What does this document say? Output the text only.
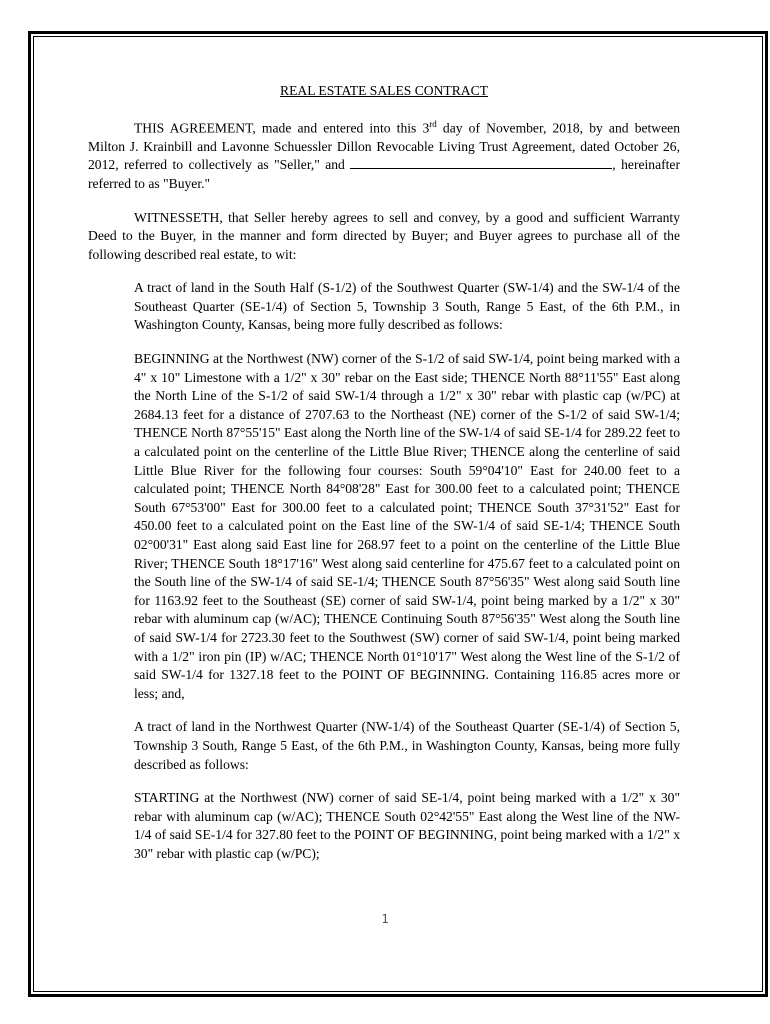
REAL ESTATE SALES CONTRACT

THIS AGREEMENT, made and entered into this 3rd day of November, 2018, by and between Milton J. Krainbill and Lavonne Schuessler Dillon Revocable Living Trust Agreement, dated October 26, 2012, referred to collectively as "Seller," and	, hereinafter referred to as "Buyer."

WITNESSETH, that Seller hereby agrees to sell and convey, by a good and sufficient Warranty Deed to the Buyer, in the manner and form directed by Buyer; and Buyer agrees to purchase all of the following described real estate, to wit:

A tract of land in the South Half (S-1/2) of the Southwest Quarter (SW-1/4) and the SW-1/4 of the Southeast Quarter (SE-1/4) of Section 5, Township 3 South, Range 5 East, of the 6th P.M., in Washington County, Kansas, being more fully described as follows:

BEGINNING at the Northwest (NW) corner of the S-1/2 of said SW-1/4, point being marked with a 4" x 10" Limestone with a 1/2" x 30" rebar on the East side; THENCE North 88°11'55" East along the North Line of the S-1/2 of said SW-1/4 through a 1/2" x 30" rebar with plastic cap (w/PC) at 2684.13 feet for a distance of 2707.63 to the Northeast (NE) corner of the S-1/2 of said SW-1/4; THENCE North 87°55'15" East along the North line of the SW-1/4 of said SE-1/4 for 289.22 feet to a calculated point on the centerline of the Little Blue River; THENCE along the centerline of said Little Blue River for the following four courses: South 59°04'10" East for 240.00 feet to a calculated point; THENCE North 84°08'28" East for 300.00 feet to a calculated point; THENCE South 67°53'00" East for 300.00 feet to a calculated point; THENCE South 37°31'52" East for 450.00 feet to a calculated point on the East line of the SW-1/4 of said SE-1/4; THENCE South 02°00'31" East along said East line for 268.97 feet to a point on the centerline of the Little Blue River; THENCE South 18°17'16" West along said centerline for 475.67 feet to a calculated point on the South line of the SW-1/4 of said SE-1/4; THENCE South 87°56'35" West along said South line for 1163.92 feet to the Southeast (SE) corner of said SW-1/4, point being marked by a 1/2" x 30" rebar with aluminum cap (w/AC); THENCE Continuing South 87°56'35" West along the South line of said SW-1/4 for 2723.30 feet to the Southwest (SW) corner of said SW-1/4, point being marked with a 1/2" iron pin (IP) w/AC; THENCE North 01°10'17" West along the West line of the S-1/2 of said SW-1/4 for 1327.18 feet to the POINT OF BEGINNING. Containing 116.85 acres more or less; and,

A tract of land in the Northwest Quarter (NW-1/4) of the Southeast Quarter (SE-1/4) of Section 5, Township 3 South, Range 5 East, of the 6th P.M., in Washington County, Kansas, being more fully described as follows:

STARTING at the Northwest (NW) corner of said SE-1/4, point being marked with a 1/2" x 30" rebar with aluminum cap (w/AC); THENCE South 02°42'55" East along the West line of the NW-1/4 of said SE-1/4 for 327.80 feet to the POINT OF BEGINNING, point being marked with a 1/2" x 30" rebar with plastic cap (w/PC);

1
